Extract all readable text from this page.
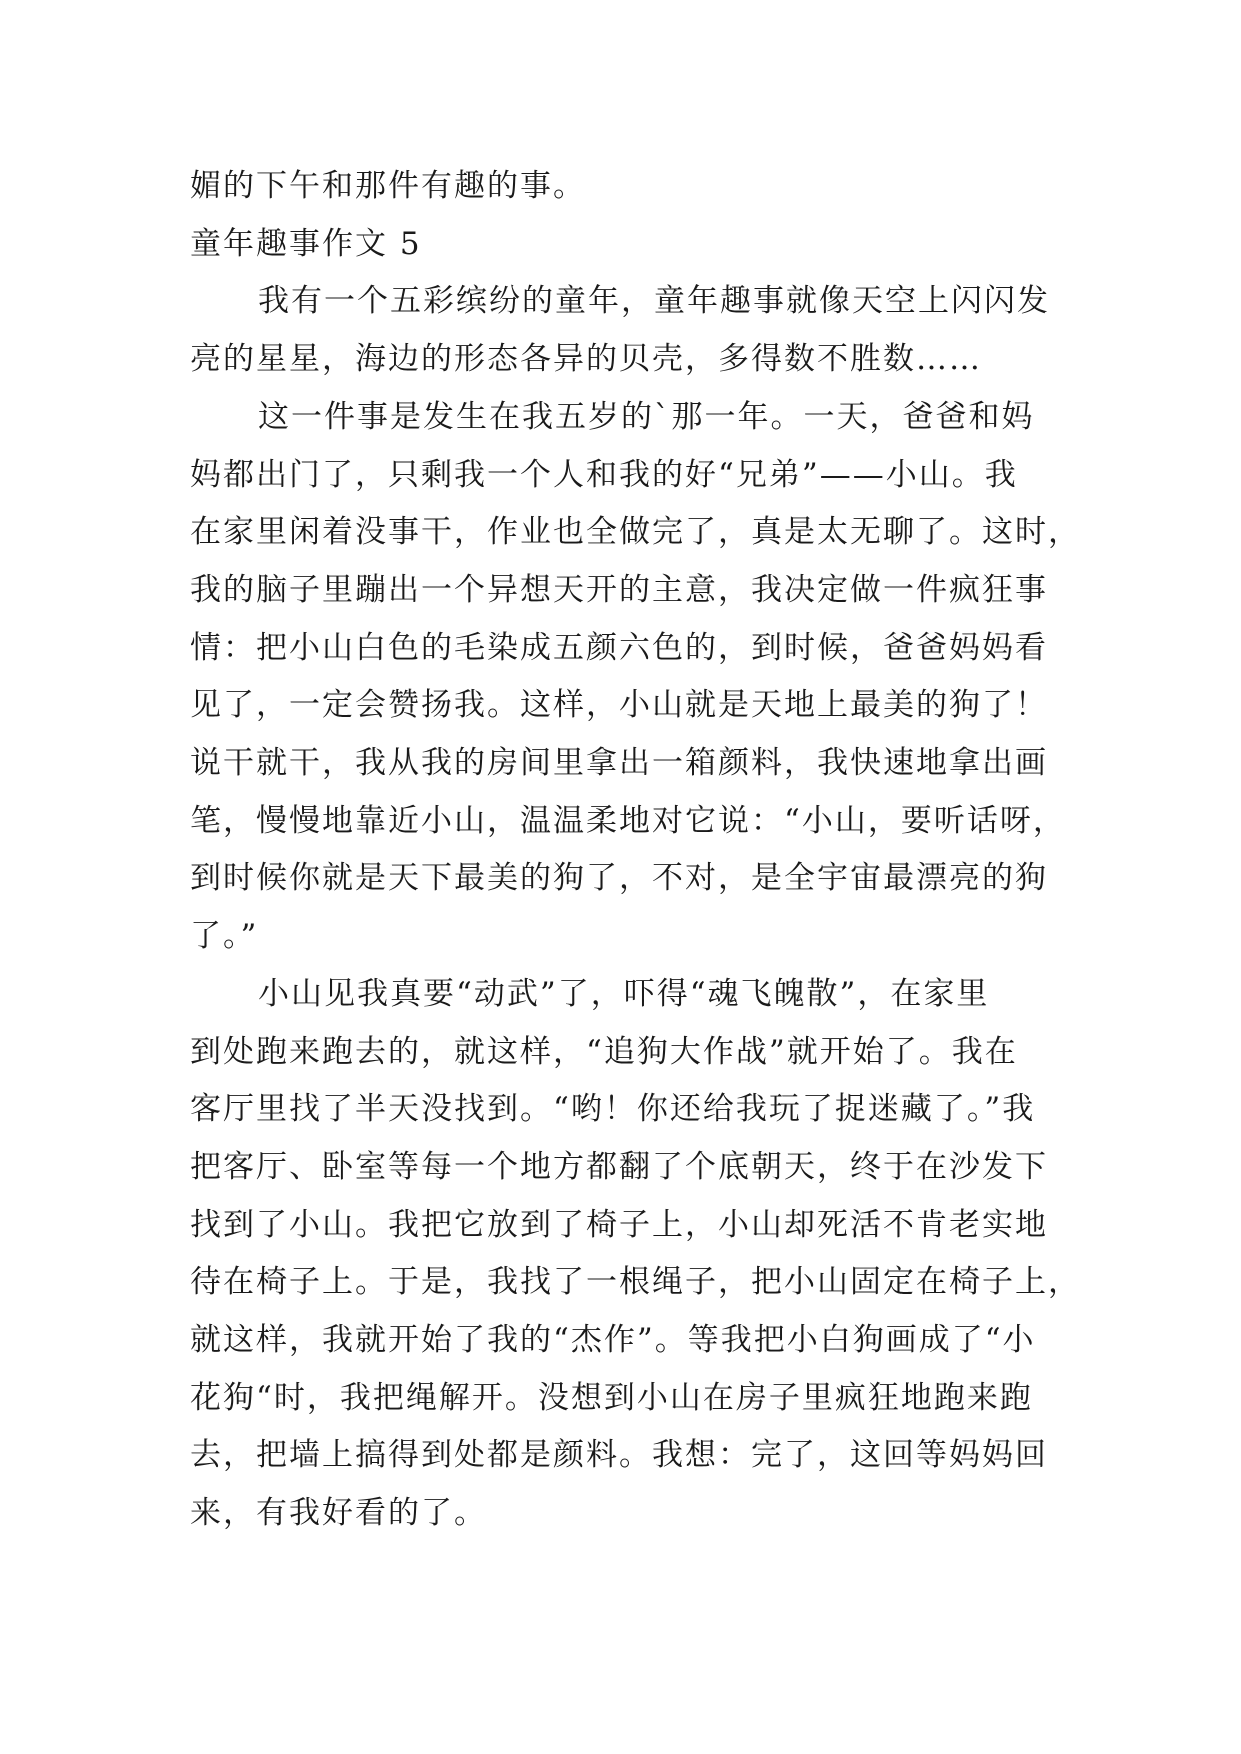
媚的下午和那件有趣的事。

童年趣事作文 5

我有一个五彩缤纷的童年，童年趣事就像天空上闪闪发

亮的星星，海边的形态各异的贝壳，多得数不胜数……

这一件事是发生在我五岁的`那一年。一天，爸爸和妈

妈都出门了，只剩我一个人和我的好“兄弟”——小山。我

在家里闲着没事干，作业也全做完了，真是太无聊了。这时，

我的脑子里蹦出一个异想天开的主意，我决定做一件疯狂事

情：把小山白色的毛染成五颜六色的，到时候，爸爸妈妈看

见了，一定会赞扬我。这样，小山就是天地上最美的狗了！

说干就干，我从我的房间里拿出一箱颜料，我快速地拿出画

笔，慢慢地靠近小山，温温柔地对它说：“小山，要听话呀，

到时候你就是天下最美的狗了，不对，是全宇宙最漂亮的狗

了。”

小山见我真要“动武”了，吓得“魂飞魄散”，在家里

到处跑来跑去的，就这样，“追狗大作战”就开始了。我在

客厅里找了半天没找到。“哟！你还给我玩了捉迷藏了。”我

把客厅、卧室等每一个地方都翻了个底朝天，终于在沙发下

找到了小山。我把它放到了椅子上，小山却死活不肯老实地

待在椅子上。于是，我找了一根绳子，把小山固定在椅子上，

就这样，我就开始了我的“杰作”。等我把小白狗画成了“小

花狗“时，我把绳解开。没想到小山在房子里疯狂地跑来跑

去，把墙上搞得到处都是颜料。我想：完了，这回等妈妈回

来，有我好看的了。
